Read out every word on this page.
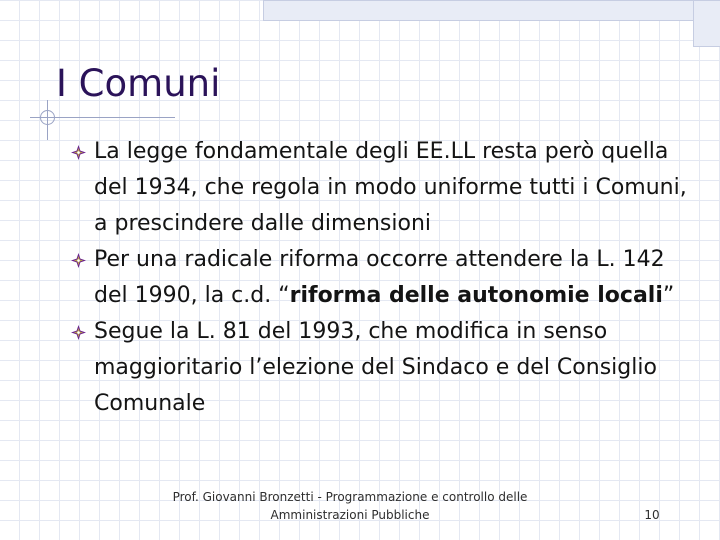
I Comuni
La legge fondamentale degli EE.LL resta però quella del 1934, che regola in modo uniforme tutti i Comuni, a prescindere dalle dimensioni
Per una radicale riforma occorre attendere la L. 142 del 1990, la c.d. “riforma delle autonomie locali”
Segue la L. 81 del 1993, che modifica in senso maggioritario l’elezione del Sindaco e del Consiglio Comunale
Prof. Giovanni Bronzetti - Programmazione e controllo delle
Amministrazioni Pubbliche	10
